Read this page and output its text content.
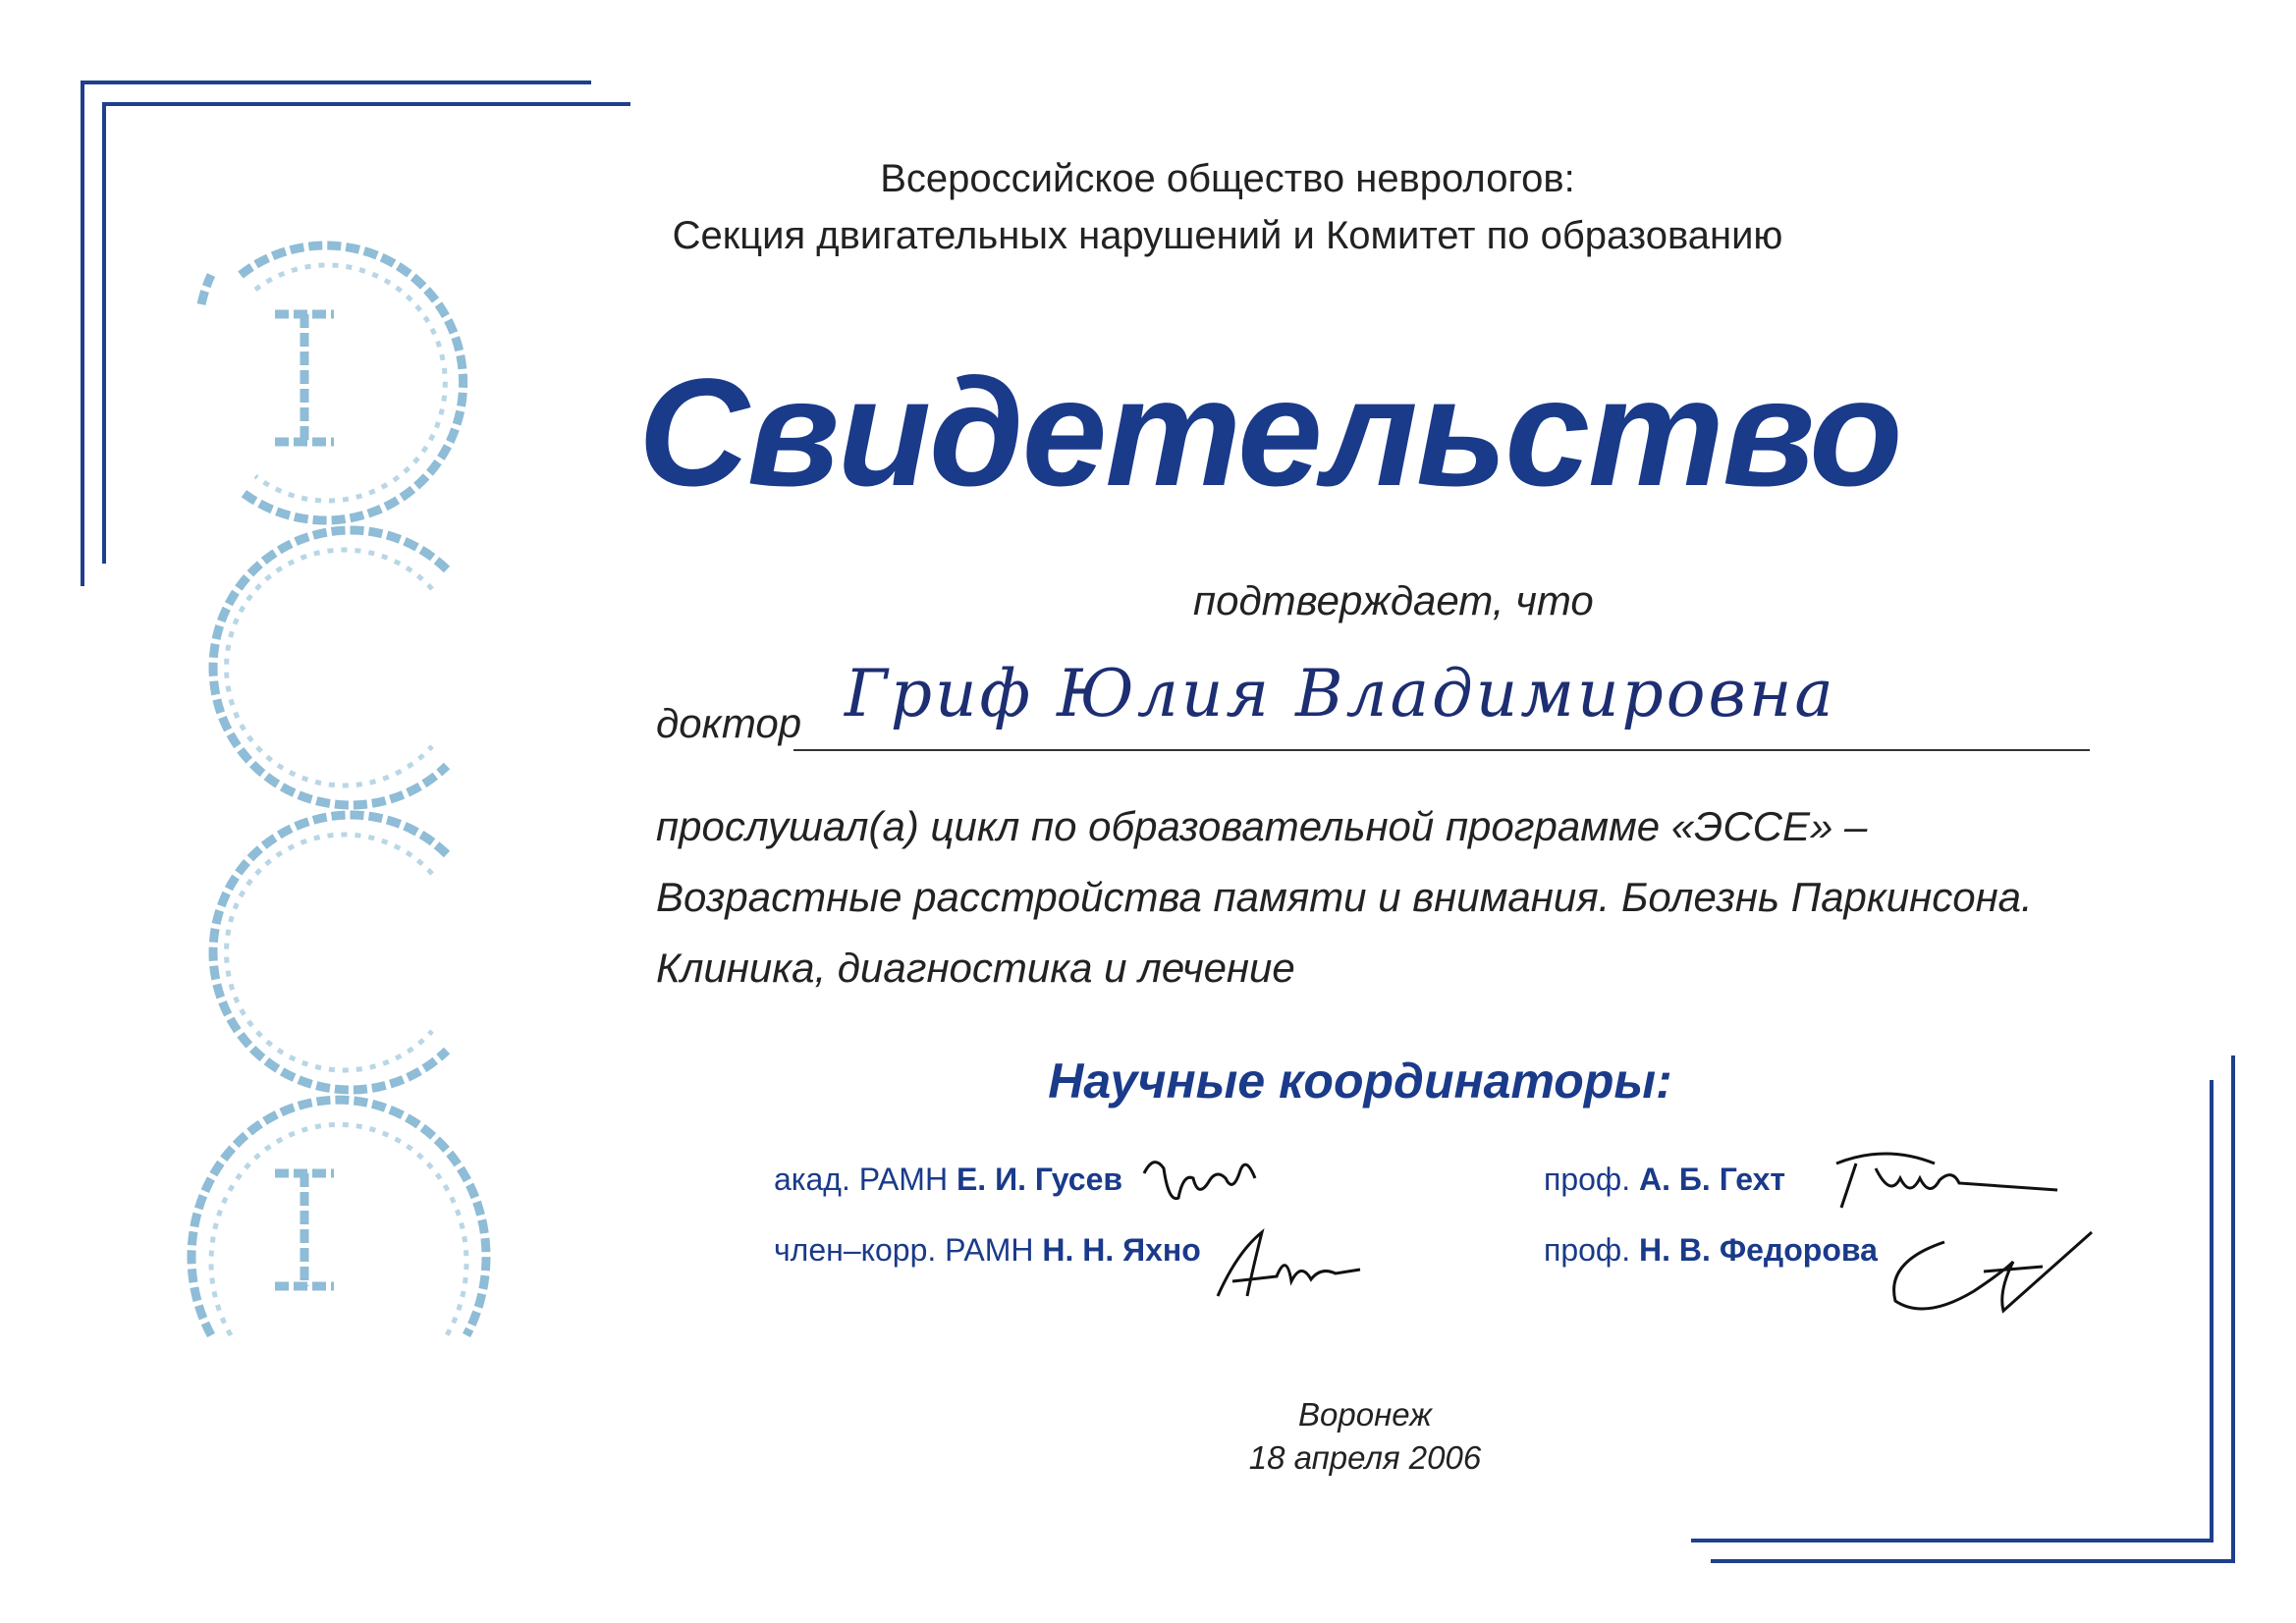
Всероссийское общество неврологов:
Секция двигательных нарушений и Комитет по образованию
Свидетельство
подтверждает, что
доктор Гриф Юлия Владимировна
прослушал(а) цикл по образовательной программе «ЭССЕ» –
Возрастные расстройства памяти и внимания. Болезнь Паркинсона.
Клиника, диагностика и лечение
Научные координаторы:
акад. РАМН Е. И. Гусев
член–корр. РАМН Н. Н. Яхно
проф. А. Б. Гехт
проф. Н. В. Федорова
Воронеж
18 апреля 2006
